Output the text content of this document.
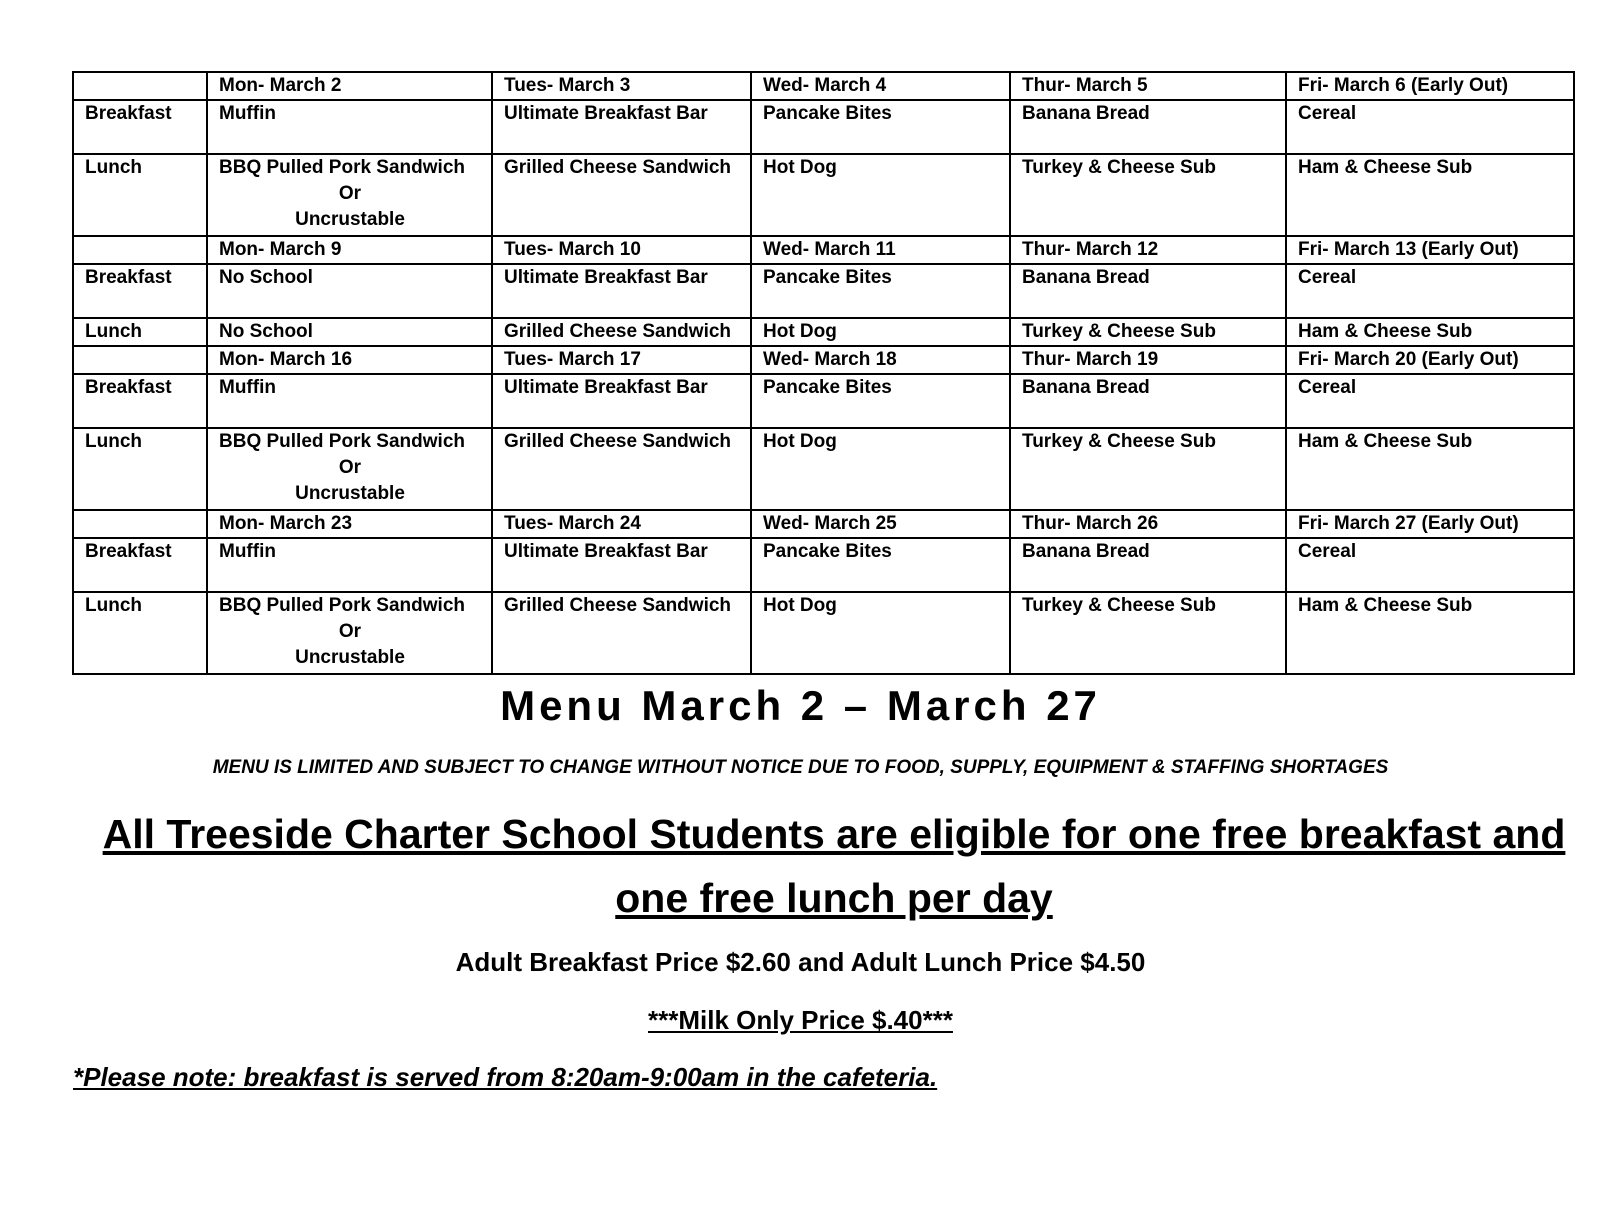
	Mon- March 2	Tues- March 3	Wed- March 4	Thur- March 5	Fri- March 6 (Early Out)
Breakfast	Muffin	Ultimate Breakfast Bar	Pancake Bites	Banana Bread	Cereal
Lunch	BBQ Pulled Pork Sandwich
Or
Uncrustable	Grilled Cheese Sandwich	Hot Dog	Turkey & Cheese Sub	Ham & Cheese Sub
	Mon- March 9	Tues- March 10	Wed- March 11	Thur- March 12	Fri- March 13 (Early Out)
Breakfast	No School	Ultimate Breakfast Bar	Pancake Bites	Banana Bread	Cereal
Lunch	No School	Grilled Cheese Sandwich	Hot Dog	Turkey & Cheese Sub	Ham & Cheese Sub
	Mon- March 16	Tues- March 17	Wed- March 18	Thur- March 19	Fri- March 20 (Early Out)
Breakfast	Muffin	Ultimate Breakfast Bar	Pancake Bites	Banana Bread	Cereal
Lunch	BBQ Pulled Pork Sandwich
Or
Uncrustable	Grilled Cheese Sandwich	Hot Dog	Turkey & Cheese Sub	Ham & Cheese Sub
	Mon- March 23	Tues- March 24	Wed- March 25	Thur- March 26	Fri- March 27 (Early Out)
Breakfast	Muffin	Ultimate Breakfast Bar	Pancake Bites	Banana Bread	Cereal
Lunch	BBQ Pulled Pork Sandwich
Or
Uncrustable	Grilled Cheese Sandwich	Hot Dog	Turkey & Cheese Sub	Ham & Cheese Sub
Menu March 2 – March 27

MENU IS LIMITED AND SUBJECT TO CHANGE WITHOUT NOTICE DUE TO FOOD, SUPPLY, EQUIPMENT & STAFFING SHORTAGES

All Treeside Charter School Students are eligible for one free breakfast and one free lunch per day

Adult Breakfast Price $2.60 and Adult Lunch Price $4.50

***Milk Only Price $.40***

*Please note: breakfast is served from 8:20am-9:00am in the cafeteria.
